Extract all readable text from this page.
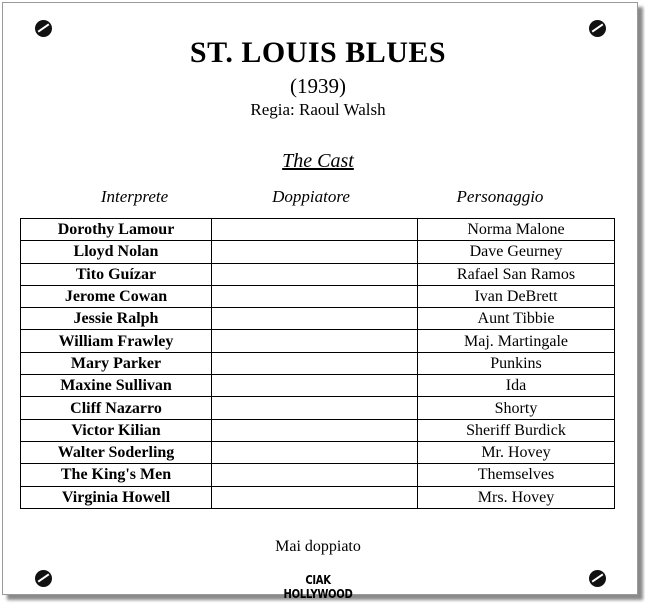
ST. LOUIS BLUES
(1939)
Regia: Raoul Walsh
The Cast
Interprete	Doppiatore	Personaggio
Dorothy Lamour		Norma Malone
Lloyd Nolan		Dave Geurney
Tito Guízar		Rafael San Ramos
Jerome Cowan		Ivan DeBrett
Jessie Ralph		Aunt Tibbie
William Frawley		Maj. Martingale
Mary Parker		Punkins
Maxine Sullivan		Ida
Cliff Nazarro		Shorty
Victor Kilian		Sheriff Burdick
Walter Soderling		Mr. Hovey
The King's Men		Themselves
Virginia Howell		Mrs. Hovey
Mai doppiato
CIAK HOLLYWOOD
